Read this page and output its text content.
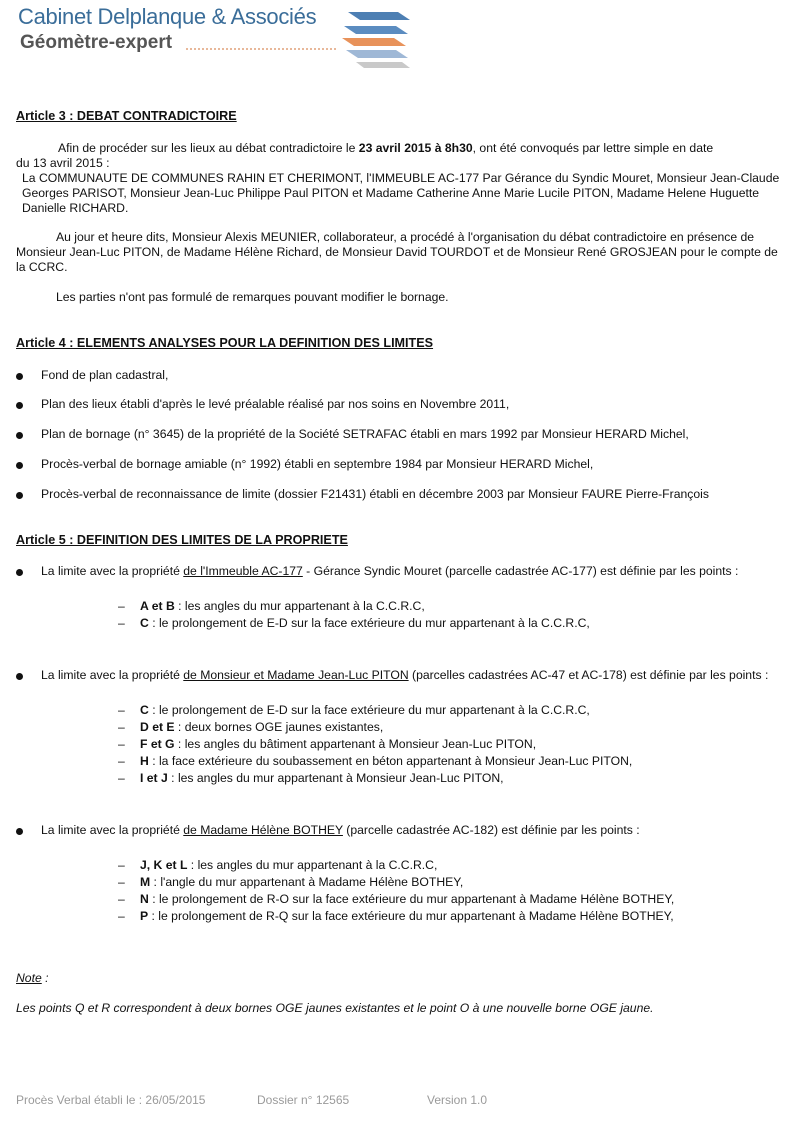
Cabinet Delplanque & Associés
Géomètre-expert
Article 3 : DEBAT CONTRADICTOIRE
Afin de procéder sur les lieux au débat contradictoire le 23 avril 2015 à 8h30, ont été convoqués par lettre simple en date
du 13 avril 2015 :
La COMMUNAUTE DE COMMUNES RAHIN ET CHERIMONT, l'IMMEUBLE AC-177 Par Gérance du Syndic Mouret, Monsieur Jean-Claude
Georges PARISOT, Monsieur Jean-Luc Philippe Paul PITON et Madame Catherine Anne Marie Lucile PITON, Madame Helene Huguette
Danielle RICHARD.
Au jour et heure dits, Monsieur Alexis MEUNIER, collaborateur, a procédé à l'organisation du débat contradictoire en présence de
Monsieur Jean-Luc PITON, de Madame Hélène Richard, de Monsieur David TOURDOT et de Monsieur René GROSJEAN pour le compte de
la CCRC.
Les parties n'ont pas formulé de remarques pouvant modifier le bornage.
Article 4 : ELEMENTS ANALYSES POUR LA DEFINITION DES LIMITES
Fond de plan cadastral,
Plan des lieux établi d'après le levé préalable réalisé par nos soins en Novembre 2011,
Plan de bornage (n° 3645) de la propriété de la Société SETRAFAC établi en mars 1992 par Monsieur HERARD Michel,
Procès-verbal de bornage amiable (n° 1992) établi en septembre 1984 par Monsieur HERARD Michel,
Procès-verbal de reconnaissance de limite (dossier F21431) établi en décembre 2003 par Monsieur FAURE Pierre-François
Article 5 : DEFINITION DES LIMITES DE LA PROPRIETE
La limite avec la propriété de l'Immeuble AC-177 - Gérance Syndic Mouret (parcelle cadastrée AC-177) est définie par les points :
– A et B : les angles du mur appartenant à la C.C.R.C,
– C : le prolongement de E-D sur la face extérieure du mur appartenant à la C.C.R.C,
La limite avec la propriété de Monsieur et Madame Jean-Luc PITON (parcelles cadastrées AC-47 et AC-178) est définie par les points :
– C : le prolongement de E-D sur la face extérieure du mur appartenant à la C.C.R.C,
– D et E : deux bornes OGE jaunes existantes,
– F et G : les angles du bâtiment appartenant à Monsieur Jean-Luc PITON,
– H : la face extérieure du soubassement en béton appartenant à Monsieur Jean-Luc PITON,
– I et J : les angles du mur appartenant à Monsieur Jean-Luc PITON,
La limite avec la propriété de Madame Hélène BOTHEY (parcelle cadastrée AC-182) est définie par les points :
– J, K et L : les angles du mur appartenant à la C.C.R.C,
– M : l'angle du mur appartenant à Madame Hélène BOTHEY,
– N : le prolongement de R-O sur la face extérieure du mur appartenant à Madame Hélène BOTHEY,
– P : le prolongement de R-Q sur la face extérieure du mur appartenant à Madame Hélène BOTHEY,
Note :
Les points Q et R correspondent à deux bornes OGE jaunes existantes et le point O à une nouvelle borne OGE jaune.
Procès Verbal établi le : 26/05/2015	Dossier n° 12565	Version 1.0
